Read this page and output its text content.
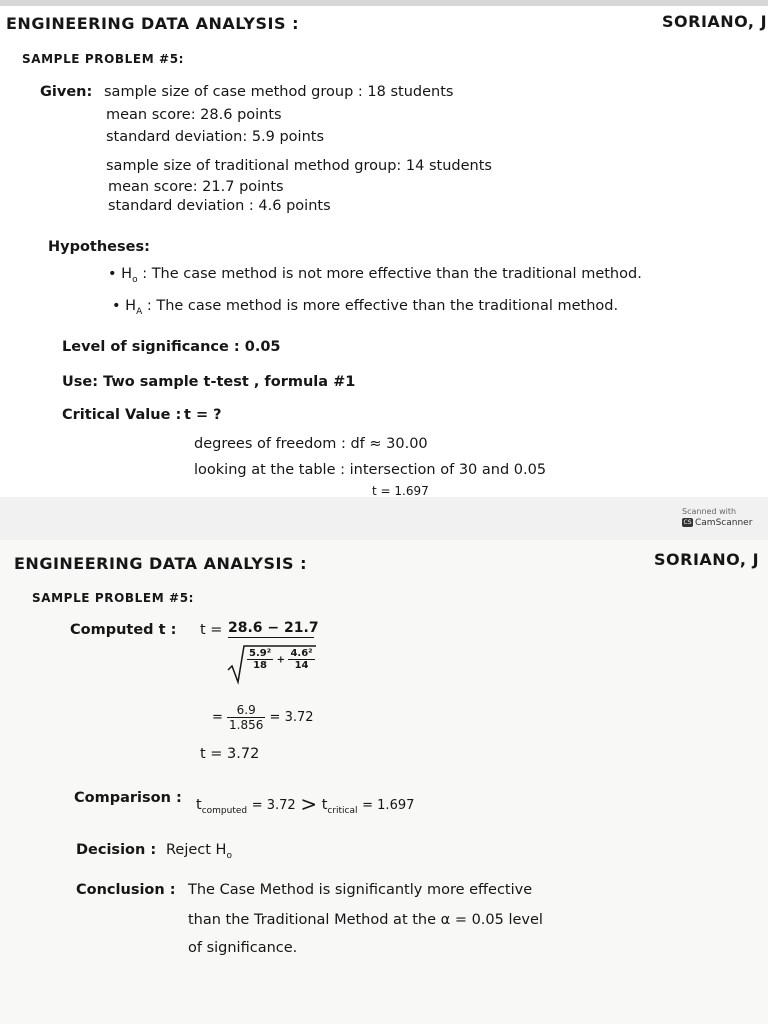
ENGINEERING DATA ANALYSIS :	SORIANO, J
SAMPLE PROBLEM #5:
Given: sample size of case method group : 18 students
mean score: 28.6 points
standard deviation: 5.9 points
sample size of traditional method group: 14 students
mean score: 21.7 points
standard deviation : 4.6 points
Hypotheses:
• $H_o$ : The case method is not more effective than the traditional method.
• $H_A$ : The case method is more effective than the traditional method.
Level of significance : 0.05
Use: Two sample t-test , formula #1
Critical Value : t = ?
degrees of freedom : df ≈ 30.00
looking at the table : intersection of 30 and 0.05
t = 1.697
Scanned with
CS CamScanner
ENGINEERING DATA ANALYSIS :	SORIANO, J
SAMPLE PROBLEM #5:
Computed t : t = 28.6 − 21.7
$\frac{\text{5.9²}}{18} + \frac{\text{4.6²}}{14}$
= $\frac{6.9}{1.856} = 3.72$
t = 3.72
Comparison : $t_{computed} = 3.72 > t_{critical} = 1.697$
Decision : Reject $H_o$
Conclusion : The Case Method is significantly more effective
than the Traditional Method at the α = 0.05 level
of significance.
